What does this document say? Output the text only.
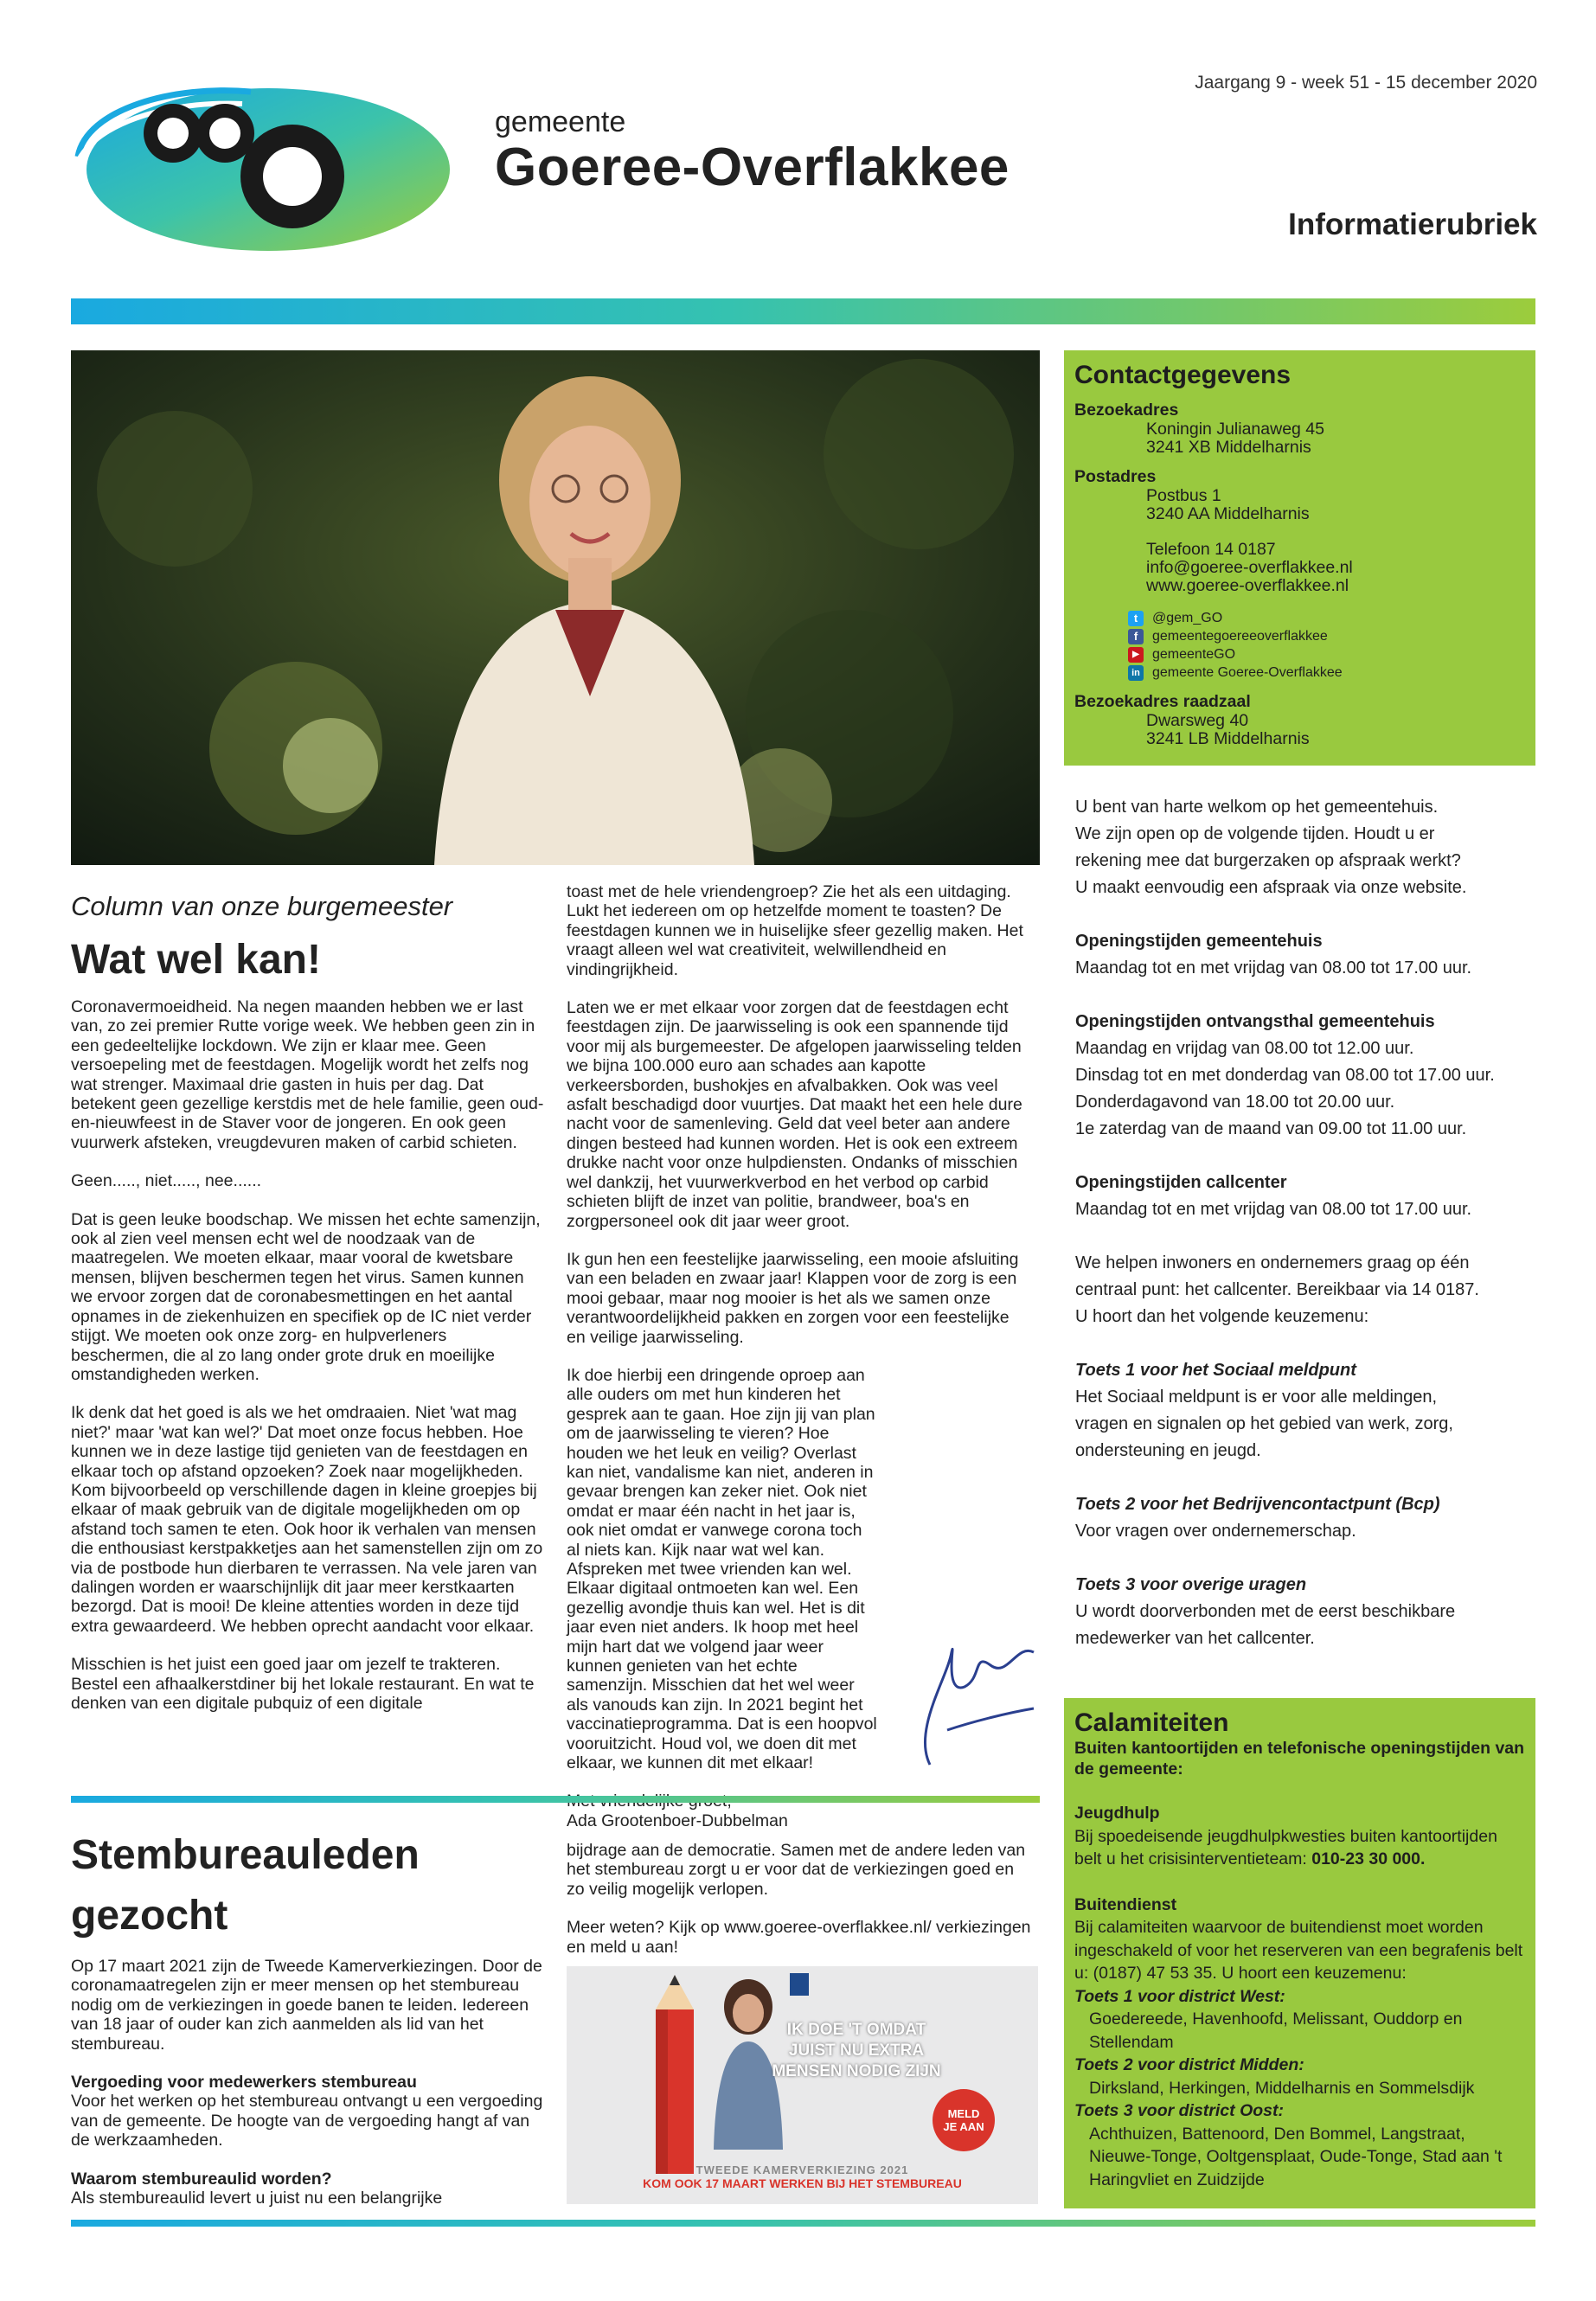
Jaargang 9 - week 51 - 15 december 2020
gemeente
Goeree-Overflakkee
Informatierubriek
Column van onze burgemeester
Wat wel kan!

Coronavermoeidheid. Na negen maanden hebben we er last van, zo zei premier Rutte vorige week. We hebben geen zin in een gedeeltelijke lockdown. We zijn er klaar mee. Geen versoepeling met de feestdagen. Mogelijk wordt het zelfs nog wat strenger. Maximaal drie gasten in huis per dag. Dat betekent geen gezellige kerstdis met de hele familie, geen oud-en-nieuwfeest in de Staver voor de jongeren. En ook geen vuurwerk afsteken, vreugdevuren maken of carbid schieten.

Geen....., niet....., nee......

Dat is geen leuke boodschap. We missen het echte samenzijn, ook al zien veel mensen echt wel de noodzaak van de maatregelen. We moeten elkaar, maar vooral de kwetsbare mensen, blijven beschermen tegen het virus. Samen kunnen we ervoor zorgen dat de coronabesmettingen en het aantal opnames in de ziekenhuizen en specifiek op de IC niet verder stijgt. We moeten ook onze zorg- en hulpverleners beschermen, die al zo lang onder grote druk en moeilijke omstandigheden werken.

Ik denk dat het goed is als we het omdraaien. Niet 'wat mag niet?' maar 'wat kan wel?' Dat moet onze focus hebben. Hoe kunnen we in deze lastige tijd genieten van de feestdagen en elkaar toch op afstand opzoeken? Zoek naar mogelijkheden. Kom bijvoorbeeld op verschillende dagen in kleine groepjes bij elkaar of maak gebruik van de digitale mogelijkheden om op afstand toch samen te eten. Ook hoor ik verhalen van mensen die enthousiast kerstpakketjes aan het samenstellen zijn om zo via de postbode hun dierbaren te verrassen. Na vele jaren van dalingen worden er waarschijnlijk dit jaar meer kerstkaarten bezorgd. Dat is mooi! De kleine attenties worden in deze tijd extra gewaardeerd. We hebben oprecht aandacht voor elkaar.

Misschien is het juist een goed jaar om jezelf te trakteren. Bestel een afhaalkerstdiner bij het lokale restaurant. En wat te denken van een digitale pubquiz of een digitale

toast met de hele vriendengroep? Zie het als een uitdaging. Lukt het iedereen om op hetzelfde moment te toasten? De feestdagen kunnen we in huiselijke sfeer gezellig maken. Het vraagt alleen wel wat creativiteit, welwillendheid en vindingrijkheid.

Laten we er met elkaar voor zorgen dat de feestdagen echt feestdagen zijn. De jaarwisseling is ook een spannende tijd voor mij als burgemeester. De afgelopen jaarwisseling telden we bijna 100.000 euro aan schades aan kapotte verkeersborden, bushokjes en afvalbakken. Ook was veel asfalt beschadigd door vuurtjes. Dat maakt het een hele dure nacht voor de samenleving. Geld dat veel beter aan andere dingen besteed had kunnen worden. Het is ook een extreem drukke nacht voor onze hulpdiensten. Ondanks of misschien wel dankzij, het vuurwerkverbod en het verbod op carbid schieten blijft de inzet van politie, brandweer, boa's en zorgpersoneel ook dit jaar weer groot.

Ik gun hen een feestelijke jaarwisseling, een mooie afsluiting van een beladen en zwaar jaar! Klappen voor de zorg is een mooi gebaar, maar nog mooier is het als we samen onze verantwoordelijkheid pakken en zorgen voor een feestelijke en veilige jaarwisseling.

Ik doe hierbij een dringende oproep aan alle ouders om met hun kinderen het gesprek aan te gaan. Hoe zijn jij van plan om de jaarwisseling te vieren? Hoe houden we het leuk en veilig? Overlast kan niet, vandalisme kan niet, anderen in gevaar brengen kan zeker niet. Ook niet omdat er maar één nacht in het jaar is, ook niet omdat er vanwege corona toch al niets kan. Kijk naar wat wel kan. Afspreken met twee vrienden kan wel. Elkaar digitaal ontmoeten kan wel. Een gezellig avondje thuis kan wel. Het is dit jaar even niet anders. Ik hoop met heel mijn hart dat we volgend jaar weer kunnen genieten van het echte samenzijn. Misschien dat het wel weer als vanouds kan zijn. In 2021 begint het vaccinatieprogramma. Dat is een hoopvol vooruitzicht. Houd vol, we doen dit met elkaar, we kunnen dit met elkaar!

Ada Grootenboer-Dubbelman

Stembureauleden
gezocht

Op 17 maart 2021 zijn de Tweede Kamerverkiezingen. Door de coronamaatregelen zijn er meer mensen op het stembureau nodig om de verkiezingen in goede banen te leiden. Iedereen van 18 jaar of ouder kan zich aanmelden als lid van het stembureau.

Vergoeding voor medewerkers stembureau

Voor het werken op het stembureau ontvangt u een vergoeding van de gemeente. De hoogte van de vergoeding hangt af van de werkzaamheden.

Waarom stembureaulid worden?

Als stembureaulid levert u juist nu een belangrijke

bijdrage aan de democratie. Samen met de andere leden van het stembureau zorgt u er voor dat de verkiezingen goed en zo veilig mogelijk verlopen.

Meer weten? Kijk op www.goeree-overflakkee.nl/ verkiezingen en meld u aan!

IK DOE 'T OMDAT
JUIST NU EXTRA
MENSEN NODIG ZIJN
MELD
JE AAN
TWEEDE KAMERVERKIEZING 2021
KOM OOK 17 MAART WERKEN BIJ HET STEMBUREAU
Contactgegevens
Bezoekadres
Koningin Julianaweg 45
3241 XB Middelharnis
Postadres
Postbus 1
3240 AA Middelharnis
Telefoon 14 0187
info@goeree-overflakkee.nl
www.goeree-overflakkee.nl
t	@gem_GO
f	gemeentegoereeoverflakkee
▶ gemeenteGO
in gemeente Goeree-Overflakkee
Bezoekadres raadzaal
Dwarsweg 40
3241 LB Middelharnis
U bent van harte welkom op het gemeentehuis.
We zijn open op de volgende tijden. Houdt u er
rekening mee dat burgerzaken op afspraak werkt?
U maakt eenvoudig een afspraak via onze website.
Openingstijden gemeentehuis
Maandag tot en met vrijdag van 08.00 tot 17.00 uur.
Openingstijden ontvangsthal gemeentehuis
Maandag en vrijdag van 08.00 tot 12.00 uur.
Dinsdag tot en met donderdag van 08.00 tot 17.00 uur.
Donderdagavond van 18.00 tot 20.00 uur.
1e zaterdag van de maand van 09.00 tot 11.00 uur.
Openingstijden callcenter
Maandag tot en met vrijdag van 08.00 tot 17.00 uur.
We helpen inwoners en ondernemers graag op één
centraal punt: het callcenter. Bereikbaar via 14 0187.
U hoort dan het volgende keuzemenu:
Toets 1 voor het Sociaal meldpunt
Het Sociaal meldpunt is er voor alle meldingen,
vragen en signalen op het gebied van werk, zorg,
ondersteuning en jeugd.
Toets 2 voor het Bedrijvencontactpunt (Bcp)
Voor vragen over ondernemerschap.
Toets 3 voor overige uragen
U wordt doorverbonden met de eerst beschikbare
medewerker van het callcenter.
Calamiteiten

Buiten kantoortijden en telefonische openingstijden van de gemeente:

Jeugdhulp

Bij spoedeisende jeugdhulpkwesties buiten kantoortijden belt u het crisisinterventieteam: 010-23 30 000.

Buitendienst

Bij calamiteiten waarvoor de buitendienst moet worden ingeschakeld of voor het reserveren van een begrafenis belt u: (0187) 47 53 35. U hoort een keuzemenu:

Toets 1 voor district West:

Goedereede, Havenhoofd, Melissant, Ouddorp en Stellendam

Toets 2 voor district Midden:

Dirksland, Herkingen, Middelharnis en Sommelsdijk

Toets 3 voor district Oost:

Achthuizen, Battenoord, Den Bommel, Langstraat, Nieuwe-Tonge, Ooltgensplaat, Oude-Tonge, Stad aan 't Haringvliet en Zuidzijde
